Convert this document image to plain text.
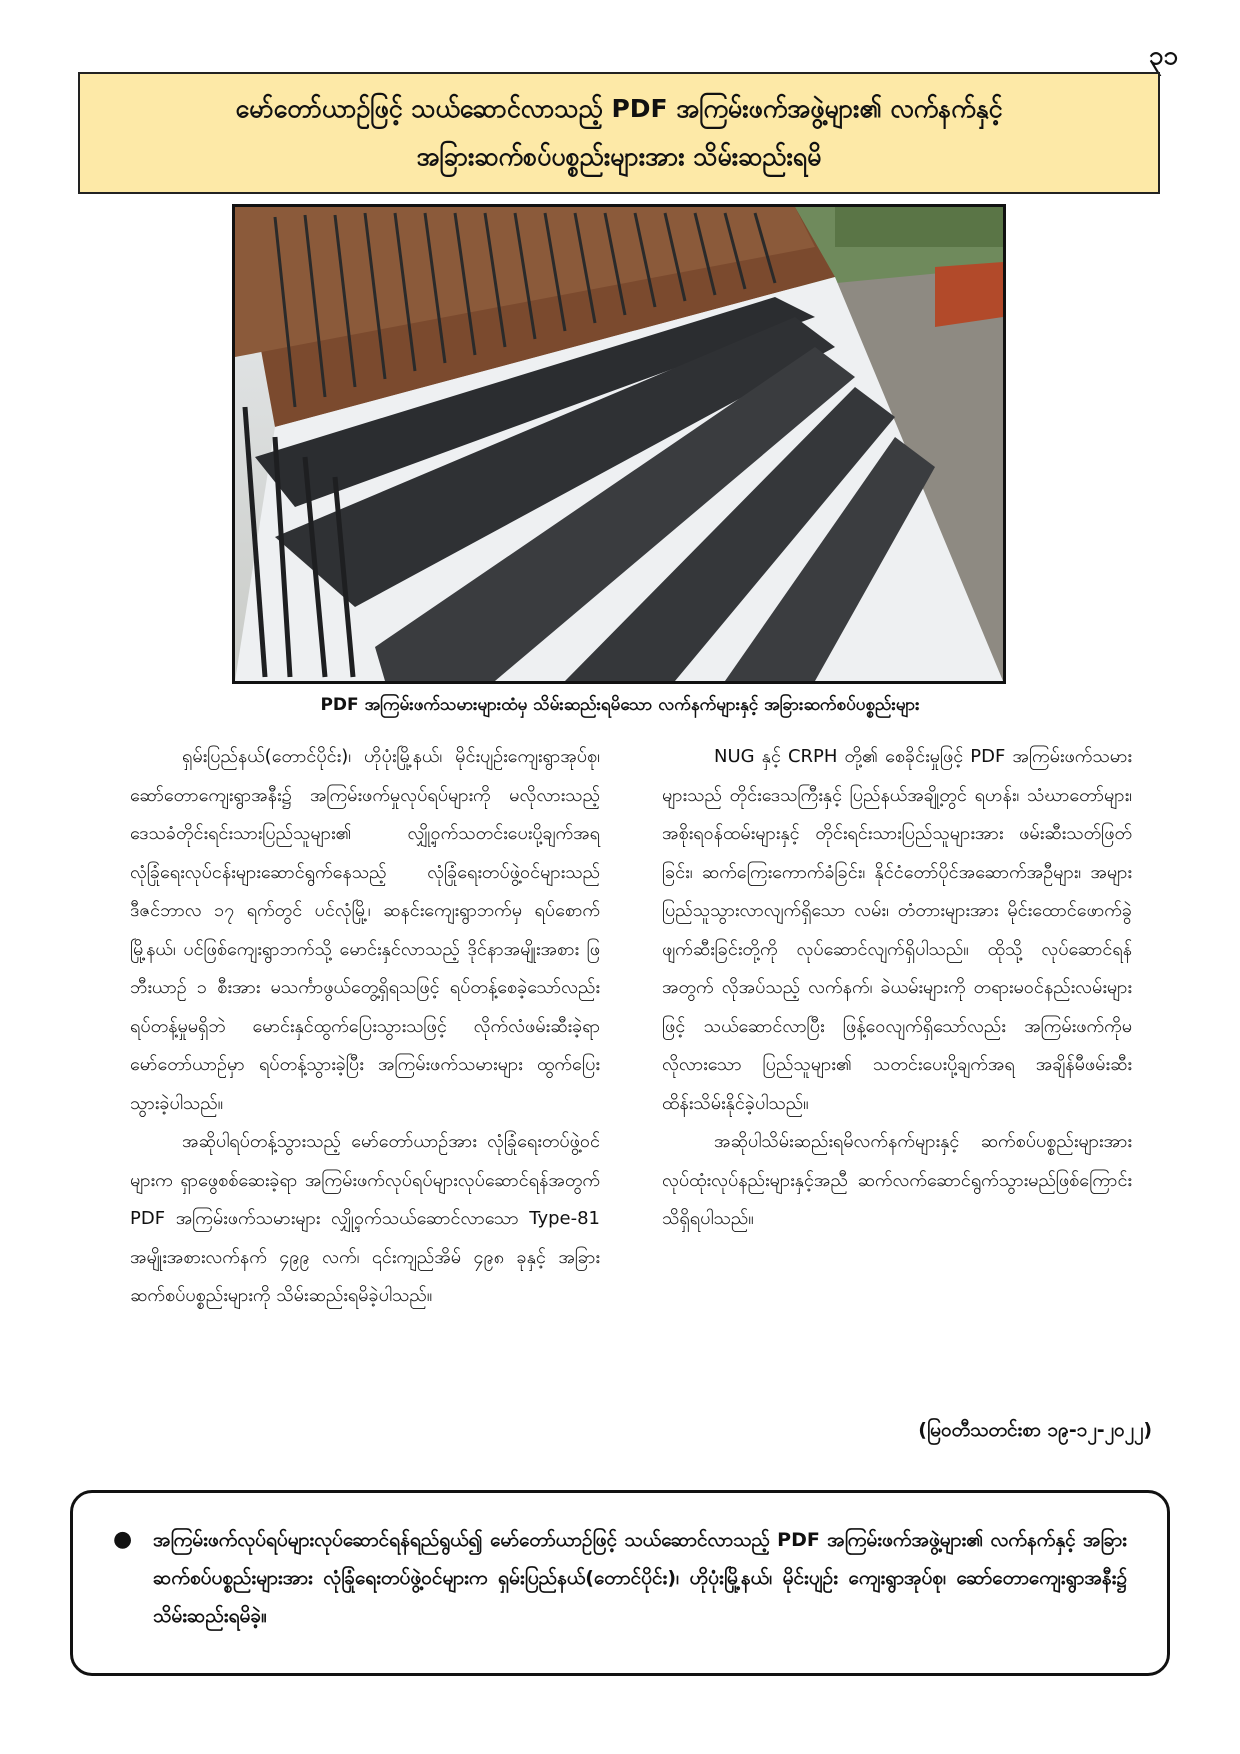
၃၁
မော်တော်ယာဉ်ဖြင့် သယ်ဆောင်လာသည့် PDF အကြမ်းဖက်အဖွဲ့များ၏ လက်နက်နှင့်
အခြားဆက်စပ်ပစ္စည်းများအား သိမ်းဆည်းရမိ
PDF အကြမ်းဖက်သမားများထံမှ သိမ်းဆည်းရမိသော လက်နက်များနှင့် အခြားဆက်စပ်ပစ္စည်းများ

ရှမ်းပြည်နယ်(တောင်ပိုင်း)၊ ဟိုပုံးမြို့နယ်၊ မိုင်းပျဉ်းကျေးရွာအုပ်စု၊ ဆော်တောကျေးရွာအနီး၌ အကြမ်းဖက်မှုလုပ်ရပ်များကို မလိုလားသည့် ဒေသခံတိုင်းရင်းသားပြည်သူများ၏ လျှို့ဝှက်သတင်းပေးပို့ချက်အရ လုံခြုံရေးလုပ်ငန်းများဆောင်ရွက်နေသည့် လုံခြုံရေးတပ်ဖွဲ့ဝင်များသည် ဒီဇင်ဘာလ ၁၇ ရက်တွင် ပင်လုံမြို့၊ ဆနင်းကျေးရွာဘက်မှ ရပ်စောက်မြို့နယ်၊ ပင်ဖြစ်ကျေးရွာဘက်သို့ မောင်းနှင်လာသည့် ဒိုင်နာအမျိုးအစား ဖြ ဘီးယာဉ် ၁ စီးအား မသင်္ကာဖွယ်တွေ့ရှိရသဖြင့် ရပ်တန့်စေခဲ့သော်လည်း ရပ်တန့်မှုမရှိဘဲ မောင်းနှင်ထွက်ပြေးသွားသဖြင့် လိုက်လံဖမ်းဆီးခဲ့ရာ မော်တော်ယာဉ်မှာ ရပ်တန့်သွားခဲ့ပြီး အကြမ်းဖက်သမားများ ထွက်ပြေးသွားခဲ့ပါသည်။

အဆိုပါရပ်တန့်သွားသည့် မော်တော်ယာဉ်အား လုံခြုံရေးတပ်ဖွဲ့ဝင်များက ရှာဖွေစစ်ဆေးခဲ့ရာ အကြမ်းဖက်လုပ်ရပ်များလုပ်ဆောင်ရန်အတွက် PDF အကြမ်းဖက်သမားများ လျှို့ဝှက်သယ်ဆောင်လာသော Type-81 အမျိုးအစားလက်နက် ၄၉၉ လက်၊ ၎င်းကျည်အိမ် ၄၉၈ ခုနှင့် အခြားဆက်စပ်ပစ္စည်းများကို သိမ်းဆည်းရမိခဲ့ပါသည်။

NUG နှင့် CRPH တို့၏ စေခိုင်းမှုဖြင့် PDF အကြမ်းဖက်သမားများသည် တိုင်းဒေသကြီးနှင့် ပြည်နယ်အချို့တွင် ရဟန်း၊ သံဃာတော်များ၊ အစိုးရဝန်ထမ်းများနှင့် တိုင်းရင်းသားပြည်သူများအား ဖမ်းဆီးသတ်ဖြတ်ခြင်း၊ ဆက်ကြေးကောက်ခံခြင်း၊ နိုင်ငံတော်ပိုင်အဆောက်အဦများ၊ အများပြည်သူသွားလာလျက်ရှိသော လမ်း၊ တံတားများအား မိုင်းထောင်ဖောက်ခွဲဖျက်ဆီးခြင်းတို့ကို လုပ်ဆောင်လျက်ရှိပါသည်။ ထိုသို့ လုပ်ဆောင်ရန်အတွက် လိုအပ်သည့် လက်နက်၊ ခဲယမ်းများကို တရားမဝင်နည်းလမ်းများဖြင့် သယ်ဆောင်လာပြီး ဖြန့်ဝေလျက်ရှိသော်လည်း အကြမ်းဖက်ကိုမလိုလားသော ပြည်သူများ၏ သတင်းပေးပို့ချက်အရ အချိန်မီဖမ်းဆီး ထိန်းသိမ်းနိုင်ခဲ့ပါသည်။

အဆိုပါသိမ်းဆည်းရမိလက်နက်များနှင့် ဆက်စပ်ပစ္စည်းများအား လုပ်ထုံးလုပ်နည်းများနှင့်အညီ ဆက်လက်ဆောင်ရွက်သွားမည်ဖြစ်ကြောင်း သိရှိရပါသည်။

(မြဝတီသတင်းစာ ၁၉-၁၂-၂၀၂၂)
●	အကြမ်းဖက်လုပ်ရပ်များလုပ်ဆောင်ရန်ရည်ရွယ်၍ မော်တော်ယာဉ်ဖြင့် သယ်ဆောင်လာသည့် PDF အကြမ်းဖက်အဖွဲ့များ၏ လက်နက်နှင့် အခြားဆက်စပ်ပစ္စည်းများအား လုံခြုံရေးတပ်ဖွဲ့ဝင်များက ရှမ်းပြည်နယ်(တောင်ပိုင်း)၊ ဟိုပုံးမြို့နယ်၊ မိုင်းပျဉ်း ကျေးရွာအုပ်စု၊ ဆော်တောကျေးရွာအနီး၌ သိမ်းဆည်းရမိခဲ့။
